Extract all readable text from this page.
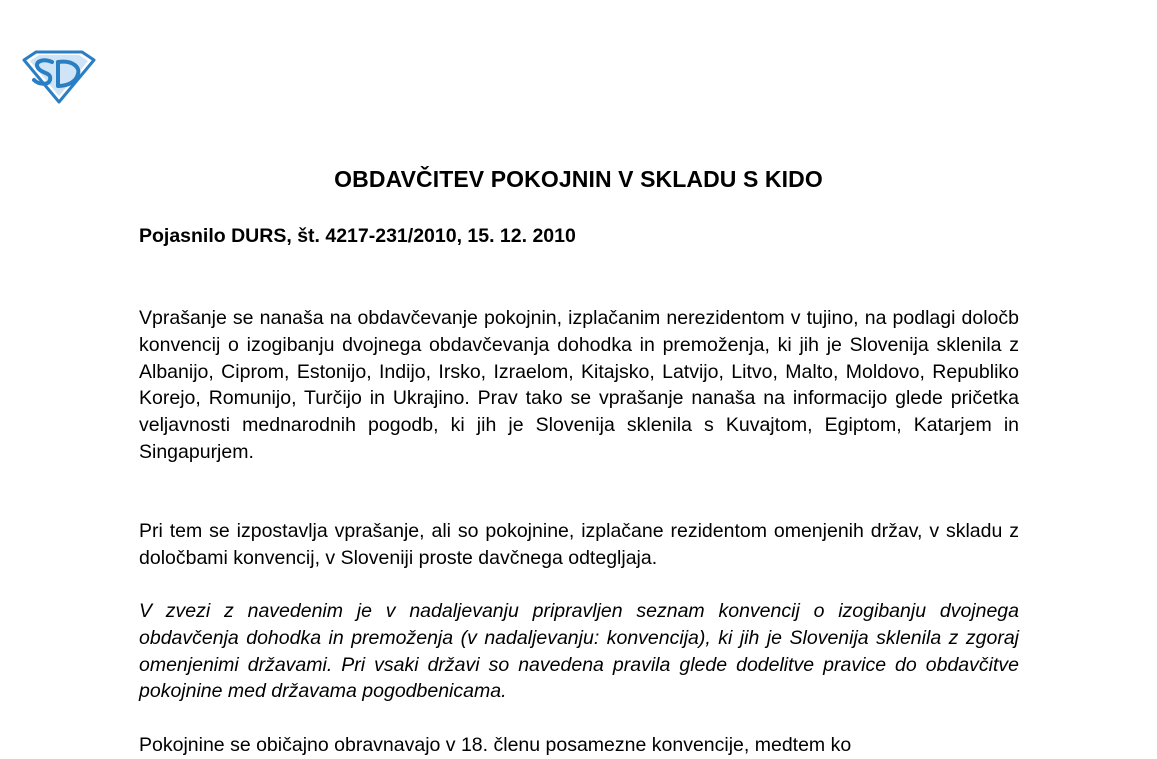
OBDAVČITEV POKOJNIN V SKLADU S KIDO
Pojasnilo DURS, št. 4217-231/2010, 15. 12. 2010

Vprašanje se nanaša na obdavčevanje pokojnin, izplačanim nerezidentom v tujino, na podlagi določb konvencij o izogibanju dvojnega obdavčevanja dohodka in premoženja, ki jih je Slovenija sklenila z Albanijo, Ciprom, Estonijo, Indijo, Irsko, Izraelom, Kitajsko, Latvijo, Litvo, Malto, Moldovo, Republiko Korejo, Romunijo, Turčijo in Ukrajino. Prav tako se vprašanje nanaša na informacijo glede pričetka veljavnosti mednarodnih pogodb, ki jih je Slovenija sklenila s Kuvajtom, Egiptom, Katarjem in Singapurjem.

Pri tem se izpostavlja vprašanje, ali so pokojnine, izplačane rezidentom omenjenih držav, v skladu z določbami konvencij, v Sloveniji proste davčnega odtegljaja.

V zvezi z navedenim je v nadaljevanju pripravljen seznam konvencij o izogibanju dvojnega obdavčenja dohodka in premoženja (v nadaljevanju: konvencija), ki jih je Slovenija sklenila z zgoraj omenjenimi državami. Pri vsaki državi so navedena pravila glede dodelitve pravice do obdavčitve pokojnine med državama pogodbenicama.

Pokojnine se običajno obravnavajo v 18. členu posamezne konvencije, medtem ko
